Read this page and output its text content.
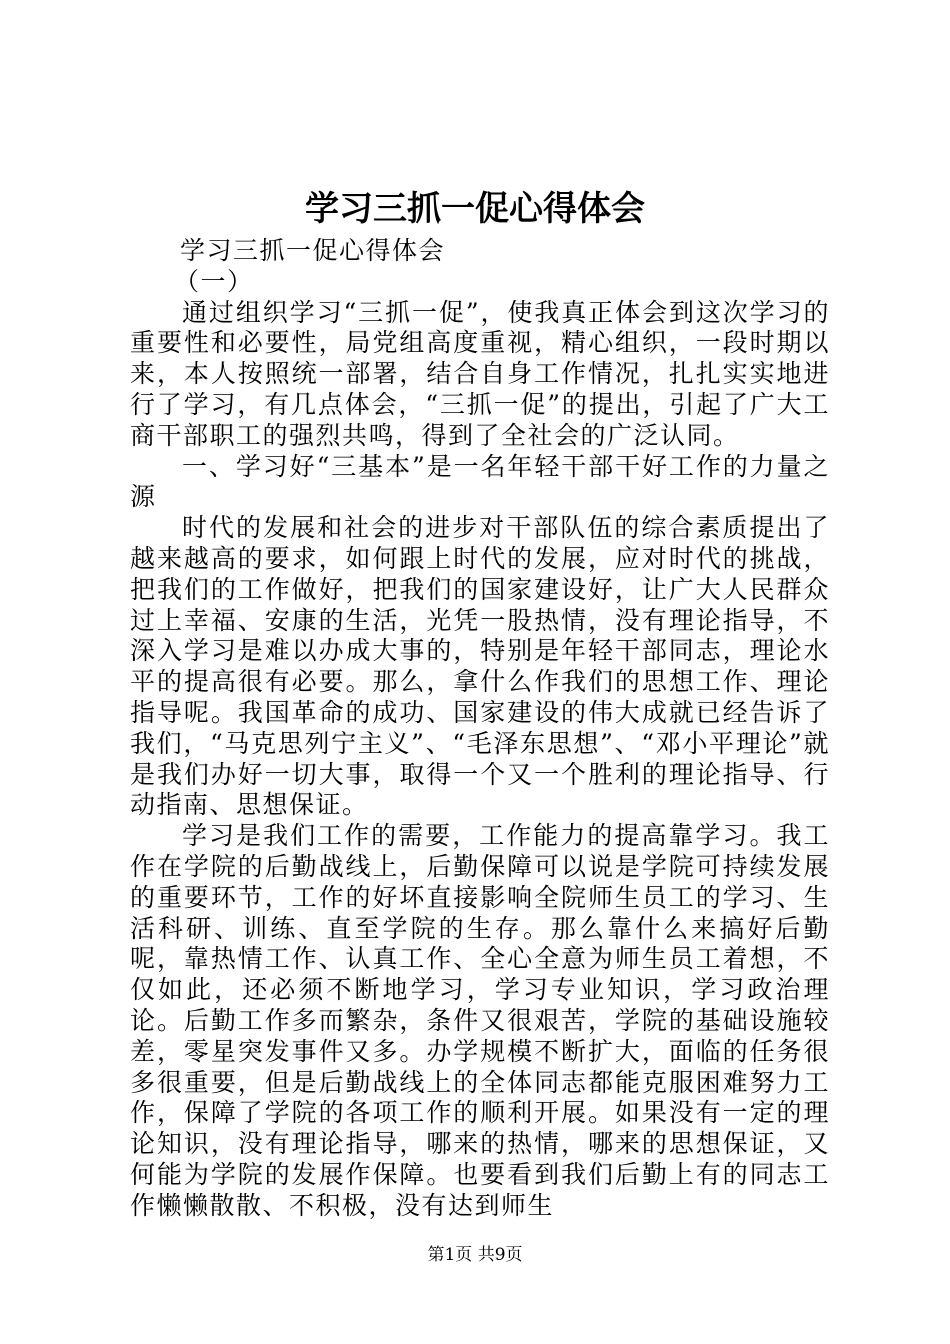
学习三抓一促心得体会

学习三抓一促心得体会

（一）

通过组织学习“三抓一促”，使我真正体会到这次学习的重要性和必要性，局党组高度重视，精心组织，一段时期以来，本人按照统一部署，结合自身工作情况，扎扎实实地进行了学习，有几点体会，“三抓一促”的提出，引起了广大工商干部职工的强烈共鸣，得到了全社会的广泛认同。

一、学习好“三基本”是一名年轻干部干好工作的力量之源

时代的发展和社会的进步对干部队伍的综合素质提出了越来越高的要求，如何跟上时代的发展，应对时代的挑战，把我们的工作做好，把我们的国家建设好，让广大人民群众过上幸福、安康的生活，光凭一股热情，没有理论指导，不深入学习是难以办成大事的，特别是年轻干部同志，理论水平的提高很有必要。那么，拿什么作我们的思想工作、理论指导呢。我国革命的成功、国家建设的伟大成就已经告诉了我们，“马克思列宁主义”、“毛泽东思想”、“邓小平理论”就是我们办好一切大事，取得一个又一个胜利的理论指导、行动指南、思想保证。

学习是我们工作的需要，工作能力的提高靠学习。我工作在学院的后勤战线上，后勤保障可以说是学院可持续发展的重要环节，工作的好坏直接影响全院师生员工的学习、生活科研、训练、直至学院的生存。那么靠什么来搞好后勤呢，靠热情工作、认真工作、全心全意为师生员工着想，不仅如此，还必须不断地学习，学习专业知识，学习政治理论。后勤工作多而繁杂，条件又很艰苦，学院的基础设施较差，零星突发事件又多。办学规模不断扩大，面临的任务很多很重要，但是后勤战线上的全体同志都能克服困难努力工作，保障了学院的各项工作的顺利开展。如果没有一定的理论知识，没有理论指导，哪来的热情，哪来的思想保证，又何能为学院的发展作保障。也要看到我们后勤上有的同志工作懒懒散散、不积极，没有达到师生

第1页 共9页
